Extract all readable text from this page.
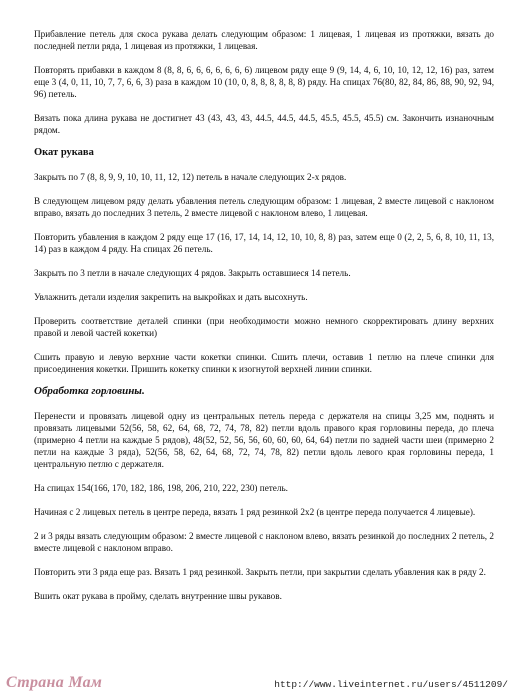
Прибавление петель для скоса рукава делать следующим образом: 1 лицевая, 1 лицевая из протяжки, вязать до последней петли ряда, 1 лицевая из протяжки, 1 лицевая.

Повторять прибавки в каждом 8 (8, 8, 6, 6, 6, 6, 6, 6, 6) лицевом ряду еще 9 (9, 14, 4, 6, 10, 10, 12, 12, 16) раз, затем еще 3 (4, 0, 11, 10, 7, 7, 6, 6, 3) раза в каждом 10 (10, 0, 8, 8, 8, 8, 8, 8) ряду. На спицах 76(80, 82, 84, 86, 88, 90, 92, 94, 96) петель.

Вязать пока длина рукава не достигнет 43 (43, 43, 43, 44.5, 44.5, 44.5, 45.5, 45.5, 45.5) см. Закончить изнаночным рядом.

Окат рукава

Закрыть по 7 (8, 8, 9, 9, 10, 10, 11, 12, 12) петель в начале следующих 2-х рядов.

В следующем лицевом ряду делать убавления петель следующим образом: 1 лицевая, 2 вместе лицевой с наклоном вправо, вязать до последних 3 петель, 2 вместе лицевой с наклоном влево, 1 лицевая.

Повторить убавления в каждом 2 ряду еще 17 (16, 17, 14, 14, 12, 10, 10, 8, 8) раз, затем еще 0 (2, 2, 5, 6, 8, 10, 11, 13, 14) раз в каждом 4 ряду. На спицах 26 петель.

Закрыть по 3 петли в начале следующих 4 рядов. Закрыть оставшиеся 14 петель.

Увлажнить детали изделия закрепить на выкройках и дать высохнуть.

Проверить соответствие деталей спинки (при необходимости можно немного скорректировать длину верхних правой и левой частей кокетки)

Сшить правую и левую верхние части кокетки спинки. Сшить плечи, оставив 1 петлю на плече спинки для присоединения кокетки. Пришить кокетку спинки к изогнутой верхней линии спинки.

Обработка горловины.

Перенести и провязать лицевой одну из центральных петель переда с держателя на спицы 3,25 мм, поднять и провязать лицевыми 52(56, 58, 62, 64, 68, 72, 74, 78, 82) петли вдоль правого края горловины переда, до плеча (примерно 4 петли на каждые 5 рядов), 48(52, 52, 56, 56, 60, 60, 60, 64, 64) петли по задней части шеи (примерно 2 петли на каждые 3 ряда), 52(56, 58, 62, 64, 68, 72, 74, 78, 82) петли вдоль левого края горловины переда, 1 центральную петлю с держателя.

На спицах 154(166, 170, 182, 186, 198, 206, 210, 222, 230) петель.

Начиная с 2 лицевых петель в центре переда, вязать 1 ряд резинкой 2х2 (в центре переда получается 4 лицевые).

2 и 3 ряды вязать следующим образом: 2 вместе лицевой с наклоном влево, вязать резинкой до последних 2 петель, 2 вместе лицевой с наклоном вправо.

Повторить эти 3 ряда еще раз. Вязать 1 ряд резинкой. Закрыть петли, при закрытии сделать убавления как в ряду 2.

Вшить окат рукава в пройму, сделать внутренние швы рукавов.

Страна Мам	http://www.liveinternet.ru/users/4511209/
